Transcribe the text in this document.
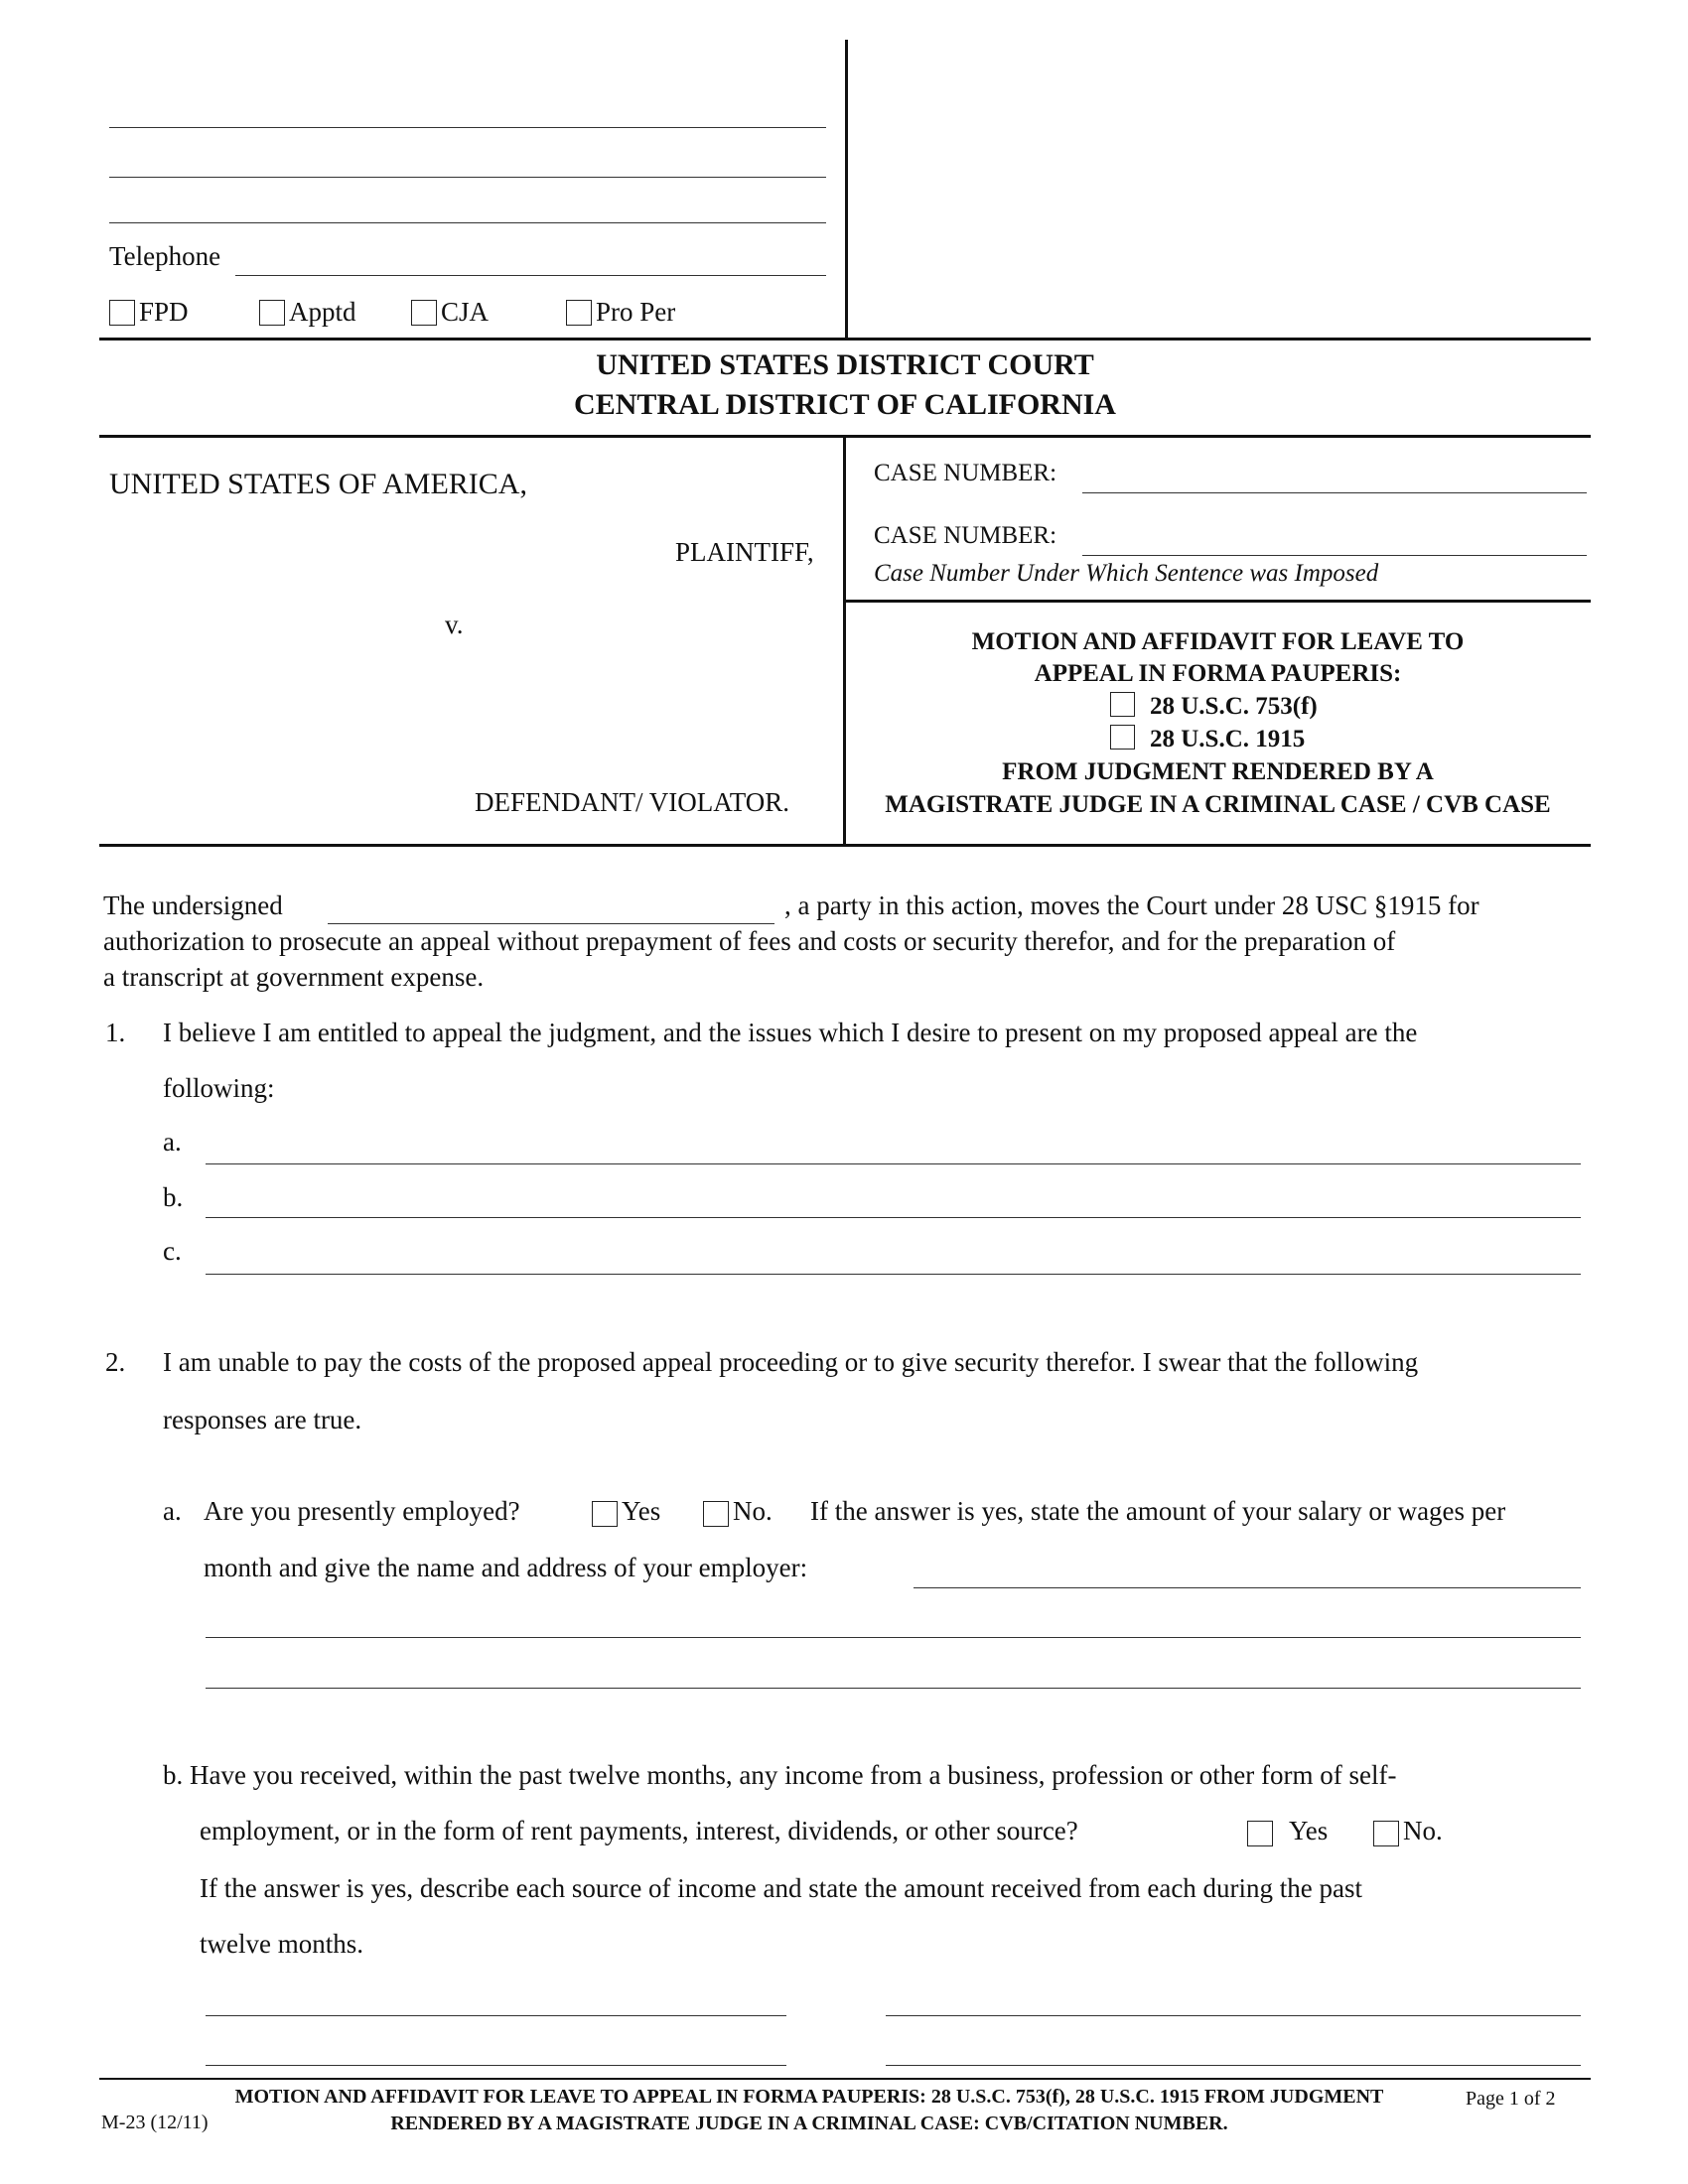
Telephone
FPD	Apptd	CJA	Pro Per
UNITED STATES DISTRICT COURT
CENTRAL DISTRICT OF CALIFORNIA
UNITED STATES OF AMERICA,
PLAINTIFF,
v.
DEFENDANT/ VIOLATOR.
CASE NUMBER:
CASE NUMBER:
Case Number Under Which Sentence was Imposed
MOTION AND AFFIDAVIT FOR LEAVE TO
APPEAL IN FORMA PAUPERIS:
28 U.S.C. 753(f)
28 U.S.C. 1915
FROM JUDGMENT RENDERED BY A
MAGISTRATE JUDGE IN A CRIMINAL CASE / CVB CASE
The undersigned	, a party in this action, moves the Court under 28 USC §1915 for
authorization to prosecute an appeal without prepayment of fees and costs or security therefor, and for the preparation of
a transcript at government expense.
1. I believe I am entitled to appeal the judgment, and the issues which I desire to present on my proposed appeal are the
following:
a.
b.
c.
2. I am unable to pay the costs of the proposed appeal proceeding or to give security therefor. I swear that the following
responses are true.
a. Are you presently employed?	Yes	No. If the answer is yes, state the amount of your salary or wages per
month and give the name and address of your employer:
b. Have you received, within the past twelve months, any income from a business, profession or other form of self-
employment, or in the form of rent payments, interest, dividends, or other source?	Yes	No.
If the answer is yes, describe each source of income and state the amount received from each during the past
twelve months.
MOTION AND AFFIDAVIT FOR LEAVE TO APPEAL IN FORMA PAUPERIS: 28 U.S.C. 753(f), 28 U.S.C. 1915 FROM JUDGMENT
RENDERED BY A MAGISTRATE JUDGE IN A CRIMINAL CASE: CVB/CITATION NUMBER.
M-23 (12/11)
Page 1 of 2
